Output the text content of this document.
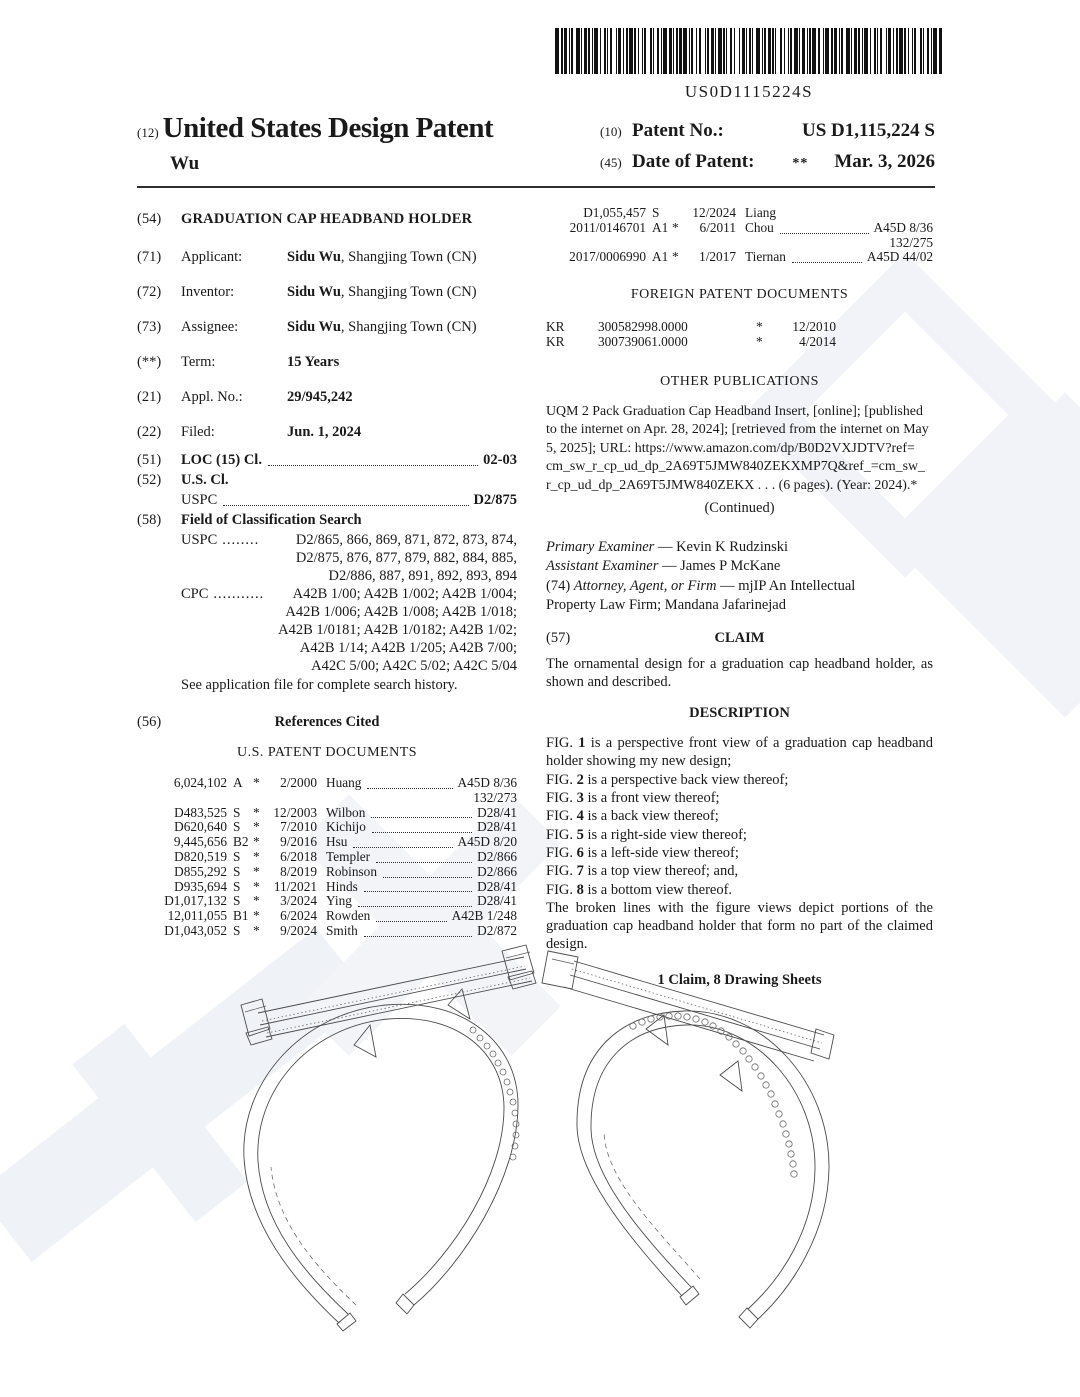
US0D1115224S
(12) United States Design Patent
Wu
(10) Patent No.:	US D1,115,224 S
(45) Date of Patent:	** Mar. 3, 2026
(54)	GRADUATION CAP HEADBAND HOLDER
(71)	Applicant:	Sidu Wu, Shangjing Town (CN)
(72)	Inventor:	Sidu Wu, Shangjing Town (CN)
(73)	Assignee:	Sidu Wu, Shangjing Town (CN)
(**)	Term:	15 Years
(21)	Appl. No.:	29/945,242
(22)	Filed:	Jun. 1, 2024
(51)	LOC (15) Cl.	02-03
(52)	U.S. Cl.
USPC	D2/875
(58)	Field of Classification Search
USPC ........	D2/865, 866, 869, 871, 872, 873, 874,
D2/875, 876, 877, 879, 882, 884, 885,
D2/886, 887, 891, 892, 893, 894
CPC ...........	A42B 1/00; A42B 1/002; A42B 1/004;
A42B 1/006; A42B 1/008; A42B 1/018;
A42B 1/0181; A42B 1/0182; A42B 1/02;
A42B 1/14; A42B 1/205; A42B 7/00;
A42C 5/00; A42C 5/02; A42C 5/04
See application file for complete search history.
(56)	References Cited
U.S. PATENT DOCUMENTS
6,024,102 A *	2/2000 Huang	A45D 8/36
132/273
D483,525 S *	12/2003 Wilbon	D28/41
D620,640 S *	7/2010 Kichijo	D28/41
9,445,656 B2 *	9/2016 Hsu	A45D 8/20
D820,519 S *	6/2018 Templer	D2/866
D855,292 S *	8/2019 Robinson	D2/866
D935,694 S *	11/2021 Hinds	D28/41
D1,017,132 S *	3/2024 Ying	D28/41
12,011,055 B1 *	6/2024 Rowden	A42B 1/248
D1,043,052 S *	9/2024 Smith	D2/872
D1,055,457 S	12/2024 Liang
2011/0146701 A1 *	6/2011 Chou	A45D 8/36
132/275
2017/0006990 A1 *	1/2017 Tiernan	A45D 44/02
FOREIGN PATENT DOCUMENTS
KR	300582998.0000	*	12/2010
KR	300739061.0000	*	4/2014
OTHER PUBLICATIONS
UQM 2 Pack Graduation Cap Headband Insert, [online]; [published
to the internet on Apr. 28, 2024]; [retrieved from the internet on May
5, 2025]; URL: https://www.amazon.com/dp/B0D2VXJDTV?ref=
cm_sw_r_cp_ud_dp_2A69T5JMW840ZEKXMP7Q&ref_=cm_sw_
r_cp_ud_dp_2A69T5JMW840ZEKX . . . (6 pages). (Year: 2024).*
(Continued)
Primary Examiner — Kevin K Rudzinski
Assistant Examiner — James P McKane
(74) Attorney, Agent, or Firm — mjIP An Intellectual
Property Law Firm; Mandana Jafarinejad
(57)	CLAIM
The ornamental design for a graduation cap headband holder, as shown and described.
DESCRIPTION
FIG. 1 is a perspective front view of a graduation cap headband holder showing my new design;
FIG. 2 is a perspective back view thereof;
FIG. 3 is a front view thereof;
FIG. 4 is a back view thereof;
FIG. 5 is a right-side view thereof;
FIG. 6 is a left-side view thereof;
FIG. 7 is a top view thereof; and,
FIG. 8 is a bottom view thereof.
The broken lines with the figure views depict portions of the graduation cap headband holder that form no part of the claimed design.
1 Claim, 8 Drawing Sheets
